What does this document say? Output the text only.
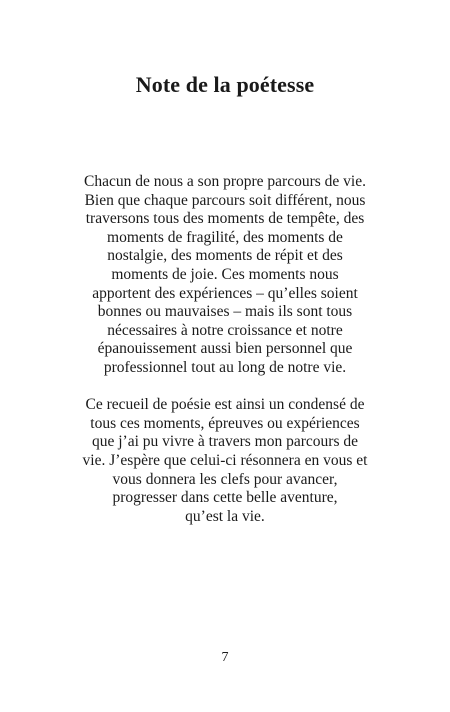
Note de la poétesse

Chacun de nous a son propre parcours de vie.
Bien que chaque parcours soit différent, nous
traversons tous des moments de tempête, des
moments de fragilité, des moments de
nostalgie, des moments de répit et des
moments de joie. Ces moments nous
apportent des expériences – qu’elles soient
bonnes ou mauvaises – mais ils sont tous
nécessaires à notre croissance et notre
épanouissement aussi bien personnel que
professionnel tout au long de notre vie.

Ce recueil de poésie est ainsi un condensé de
tous ces moments, épreuves ou expériences
que j’ai pu vivre à travers mon parcours de
vie. J’espère que celui-ci résonnera en vous et
vous donnera les clefs pour avancer,
progresser dans cette belle aventure,
qu’est la vie.

7
